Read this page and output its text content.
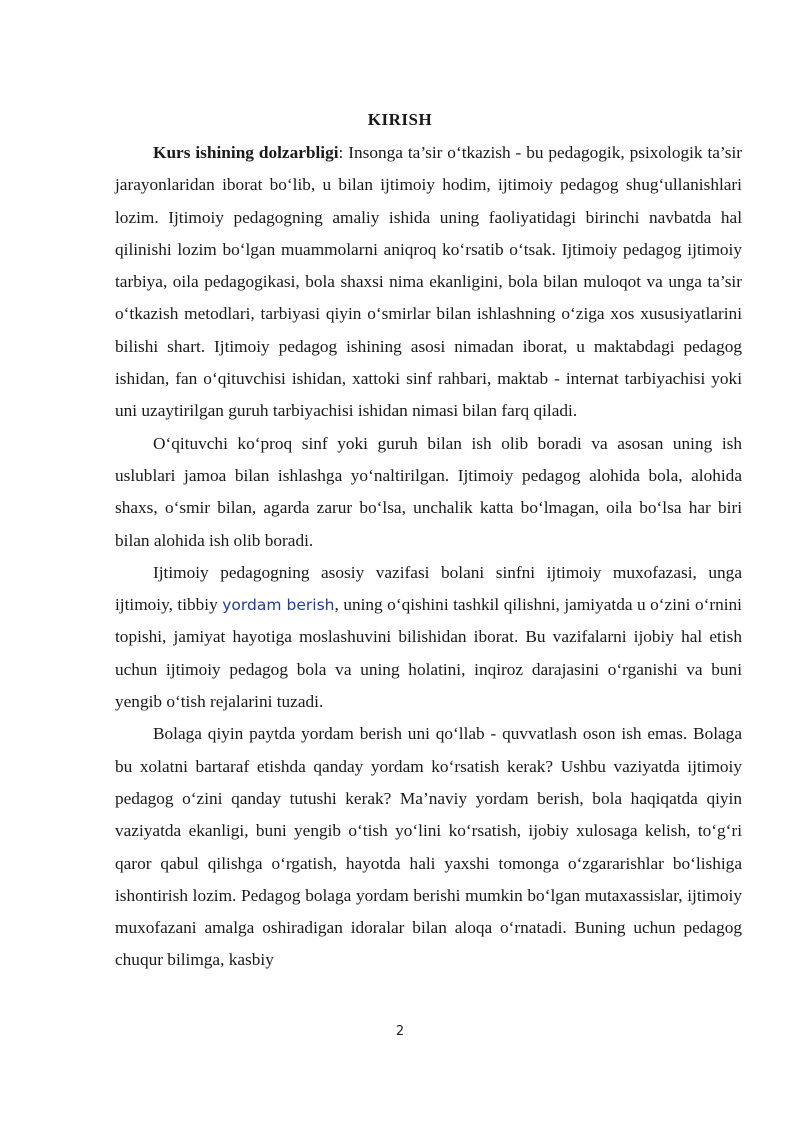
KIRISH

Kurs ishining dolzarbligi: Insonga ta’sir o‘tkazish - bu pedagogik, psixologik ta’sir jarayonlaridan iborat bo‘lib, u bilan ijtimoiy hodim, ijtimoiy pedagog shug‘ullanishlari lozim. Ijtimoiy pedagogning amaliy ishida uning faoliyatidagi birinchi navbatda hal qilinishi lozim bo‘lgan muammolarni aniqroq ko‘rsatib o‘tsak. Ijtimoiy pedagog ijtimoiy tarbiya, oila pedagogikasi, bola shaxsi nima ekanligini, bola bilan muloqot va unga ta’sir o‘tkazish metodlari, tarbiyasi qiyin o‘smirlar bilan ishlashning o‘ziga xos xususiyatlarini bilishi shart. Ijtimoiy pedagog ishining asosi nimadan iborat, u maktabdagi pedagog ishidan, fan o‘qituvchisi ishidan, xattoki sinf rahbari, maktab - internat tarbiyachisi yoki uni uzaytirilgan guruh tarbiyachisi ishidan nimasi bilan farq qiladi.

O‘qituvchi ko‘proq sinf yoki guruh bilan ish olib boradi va asosan uning ish uslublari jamoa bilan ishlashga yo‘naltirilgan. Ijtimoiy pedagog alohida bola, alohida shaxs, o‘smir bilan, agarda zarur bo‘lsa, unchalik katta bo‘lmagan, oila bo‘lsa har biri bilan alohida ish olib boradi.

Ijtimoiy pedagogning asosiy vazifasi bolani sinfni ijtimoiy muxofazasi, unga ijtimoiy, tibbiy yordam berish, uning o‘qishini tashkil qilishni, jamiyatda u o‘zini o‘rnini topishi, jamiyat hayotiga moslashuvini bilishidan iborat. Bu vazifalarni ijobiy hal etish uchun ijtimoiy pedagog bola va uning holatini, inqiroz darajasini o‘rganishi va buni yengib o‘tish rejalarini tuzadi.

Bolaga qiyin paytda yordam berish uni qo‘llab - quvvatlash oson ish emas. Bolaga bu xolatni bartaraf etishda qanday yordam ko‘rsatish kerak? Ushbu vaziyatda ijtimoiy pedagog o‘zini qanday tutushi kerak? Ma’naviy yordam berish, bola haqiqatda qiyin vaziyatda ekanligi, buni yengib o‘tish yo‘lini ko‘rsatish, ijobiy xulosaga kelish, to‘g‘ri qaror qabul qilishga o‘rgatish, hayotda hali yaxshi tomonga o‘zgararishlar bo‘lishiga ishontirish lozim. Pedagog bolaga yordam berishi mumkin bo‘lgan mutaxassislar, ijtimoiy muxofazani amalga oshiradigan idoralar bilan aloqa o‘rnatadi. Buning uchun pedagog chuqur bilimga, kasbiy

2
